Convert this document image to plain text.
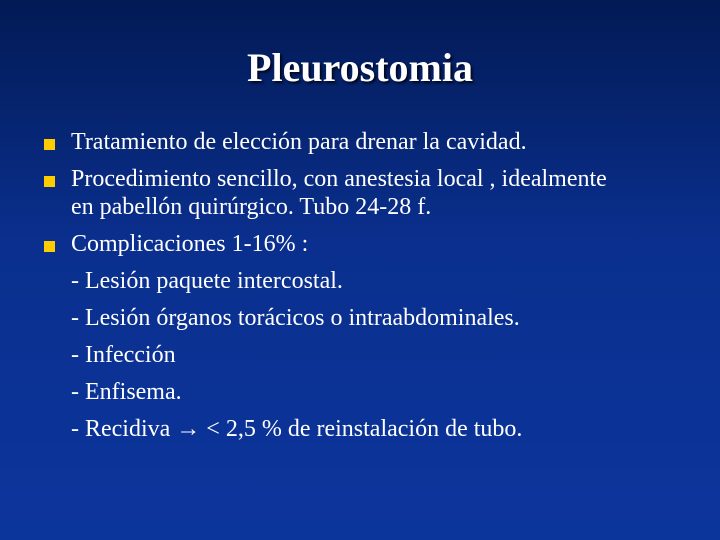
Pleurostomia
Tratamiento de elección para drenar la cavidad.
Procedimiento sencillo, con anestesia local , idealmente
en pabellón quirúrgico. Tubo 24-28 f.
Complicaciones 1-16% :
- Lesión paquete intercostal.
- Lesión órganos torácicos o intraabdominales.
- Infección
- Enfisema.
- Recidiva → < 2,5 % de reinstalación de tubo.
